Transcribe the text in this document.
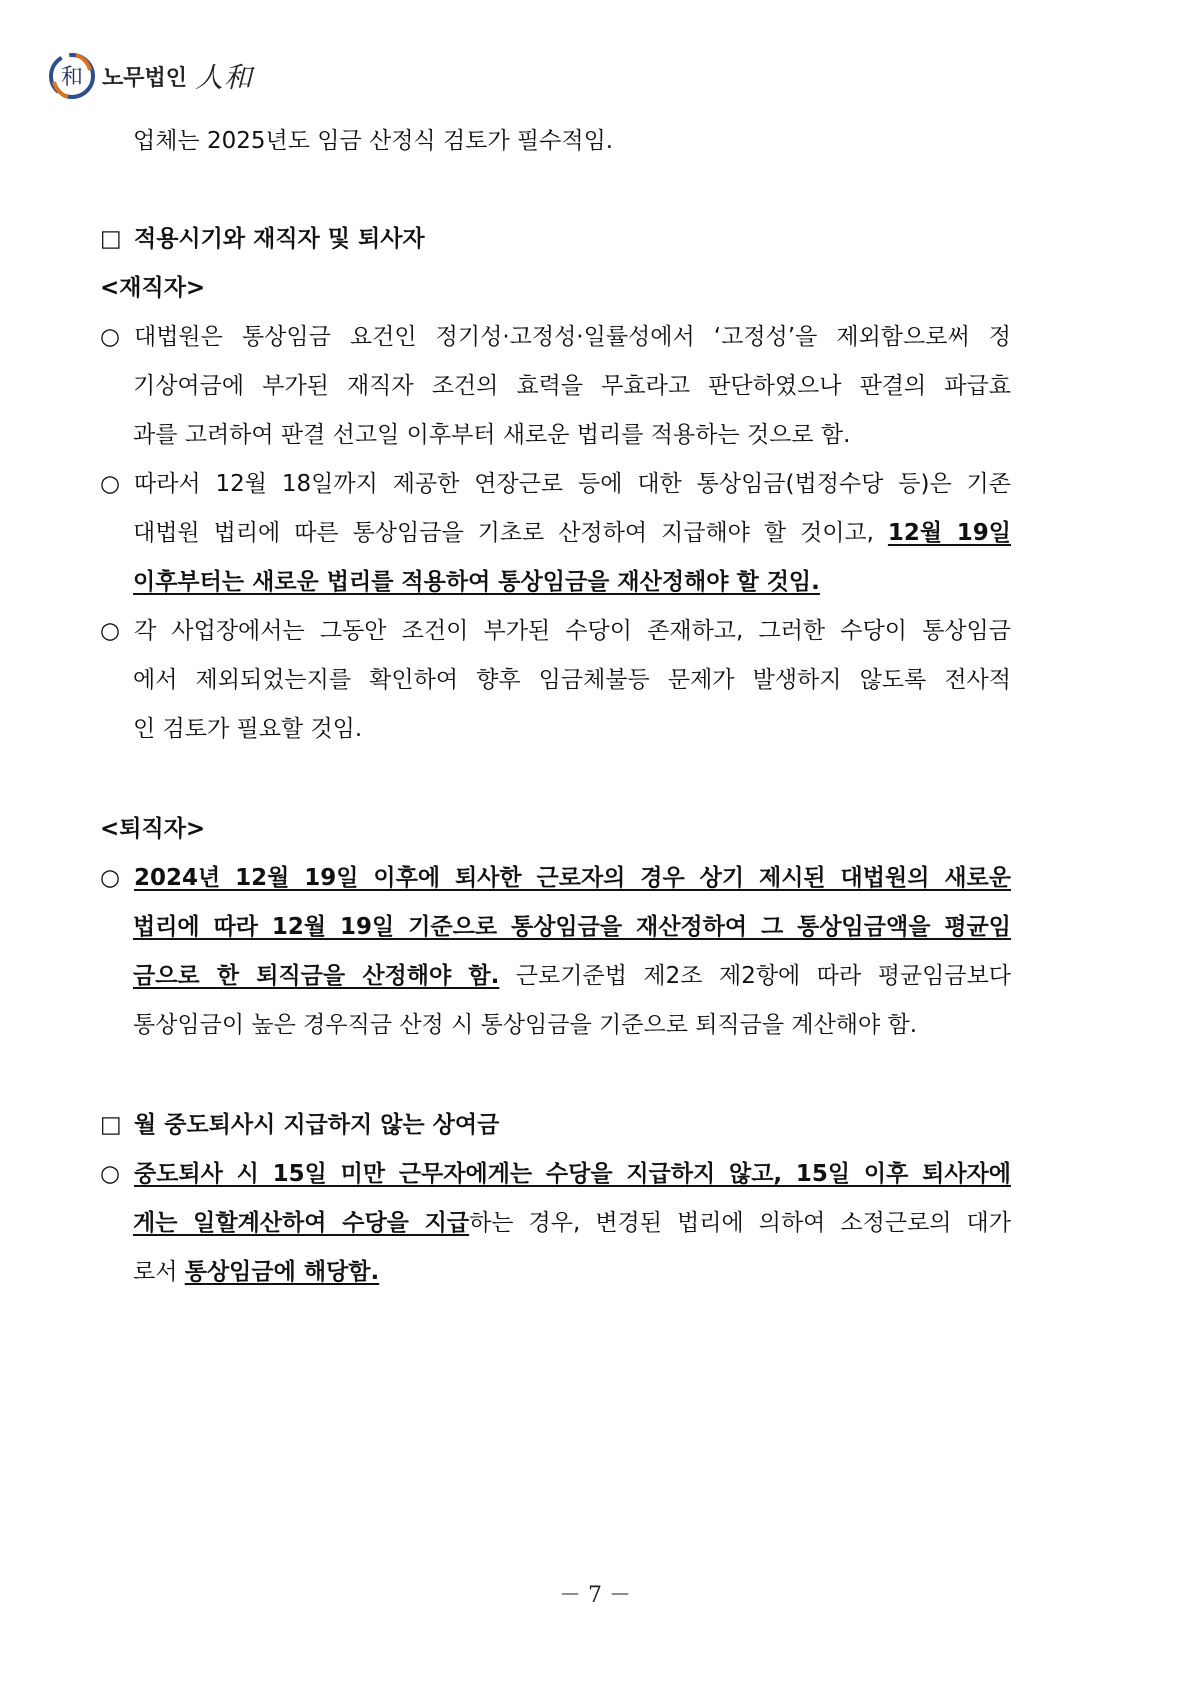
和 노무법인 人和
업체는 2025년도 임금 산정식 검토가 필수적임.
□ 적용시기와 재직자 및 퇴사자
<재직자>
○ 대법원은 통상임금 요건인 정기성·고정성·일률성에서 ‘고정성’을 제외함으로써 정
기상여금에 부가된 재직자 조건의 효력을 무효라고 판단하였으나 판결의 파급효
과를 고려하여 판결 선고일 이후부터 새로운 법리를 적용하는 것으로 함.
○ 따라서 12월 18일까지 제공한 연장근로 등에 대한 통상임금(법정수당 등)은 기존
대법원 법리에 따른 통상임금을 기초로 산정하여 지급해야 할 것이고, 12월 19일
이후부터는 새로운 법리를 적용하여 통상임금을 재산정해야 할 것임.
○ 각 사업장에서는 그동안 조건이 부가된 수당이 존재하고, 그러한 수당이 통상임금
에서 제외되었는지를 확인하여 향후 임금체불등 문제가 발생하지 않도록 전사적
인 검토가 필요할 것임.
<퇴직자>
○ 2024년 12월 19일 이후에 퇴사한 근로자의 경우 상기 제시된 대법원의 새로운
법리에 따라 12월 19일 기준으로 통상임금을 재산정하여 그 통상임금액을 평균임
금으로 한 퇴직금을 산정해야 함. 근로기준법 제2조 제2항에 따라 평균임금보다
통상임금이 높은 경우직금 산정 시 통상임금을 기준으로 퇴직금을 계산해야 함.
□ 월 중도퇴사시 지급하지 않는 상여금
○ 중도퇴사 시 15일 미만 근무자에게는 수당을 지급하지 않고, 15일 이후 퇴사자에
게는 일할계산하여 수당을 지급하는 경우, 변경된 법리에 의하여 소정근로의 대가
로서 통상임금에 해당함.
－ 7 －
